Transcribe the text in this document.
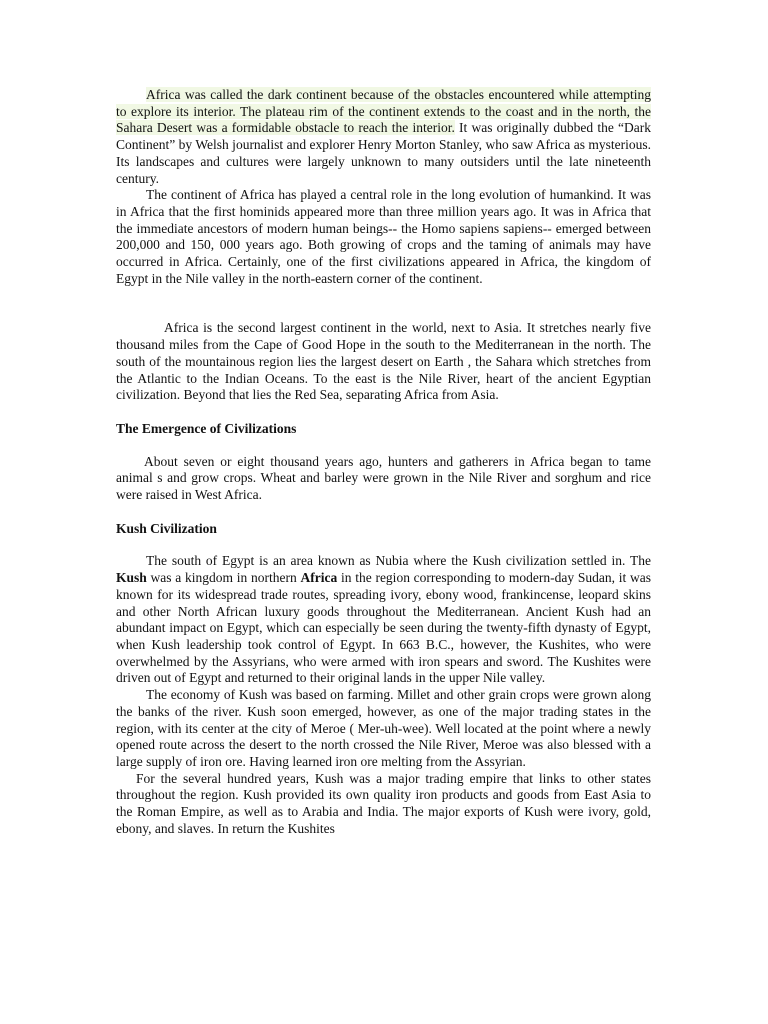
Africa was called the dark continent because of the obstacles encountered while attempting to explore its interior. The plateau rim of the continent extends to the coast and in the north, the Sahara Desert was a formidable obstacle to reach the interior. It was originally dubbed the “Dark Continent” by Welsh journalist and explorer Henry Morton Stanley, who saw Africa as mysterious. Its landscapes and cultures were largely unknown to many outsiders until the late nineteenth century.

The continent of Africa has played a central role in the long evolution of humankind. It was in Africa that the first hominids appeared more than three million years ago. It was in Africa that the immediate ancestors of modern human beings-- the Homo sapiens sapiens-- emerged between 200,000 and 150, 000 years ago. Both growing of crops and the taming of animals may have occurred in Africa. Certainly, one of the first civilizations appeared in Africa, the kingdom of Egypt in the Nile valley in the north-eastern corner of the continent.

Africa is the second largest continent in the world, next to Asia. It stretches nearly five thousand miles from the Cape of Good Hope in the south to the Mediterranean in the north. The south of the mountainous region lies the largest desert on Earth , the Sahara which stretches from the Atlantic to the Indian Oceans. To the east is the Nile River, heart of the ancient Egyptian civilization. Beyond that lies the Red Sea, separating Africa from Asia.

The Emergence of Civilizations

About seven or eight thousand years ago, hunters and gatherers in Africa began to tame animal s and grow crops. Wheat and barley were grown in the Nile River and sorghum and rice were raised in West Africa.

Kush Civilization

The south of Egypt is an area known as Nubia where the Kush civilization settled in. The Kush was a kingdom in northern Africa in the region corresponding to modern-day Sudan, it was known for its widespread trade routes, spreading ivory, ebony wood, frankincense, leopard skins and other North African luxury goods throughout the Mediterranean. Ancient Kush had an abundant impact on Egypt, which can especially be seen during the twenty-fifth dynasty of Egypt, when Kush leadership took control of Egypt. In 663 B.C., however, the Kushites, who were overwhelmed by the Assyrians, who were armed with iron spears and sword. The Kushites were driven out of Egypt and returned to their original lands in the upper Nile valley.

The economy of Kush was based on farming. Millet and other grain crops were grown along the banks of the river. Kush soon emerged, however, as one of the major trading states in the region, with its center at the city of Meroe ( Mer-uh-wee). Well located at the point where a newly opened route across the desert to the north crossed the Nile River, Meroe was also blessed with a large supply of iron ore. Having learned iron ore melting from the Assyrian.

For the several hundred years, Kush was a major trading empire that links to other states throughout the region. Kush provided its own quality iron products and goods from East Asia to the Roman Empire, as well as to Arabia and India. The major exports of Kush were ivory, gold, ebony, and slaves. In return the Kushites
